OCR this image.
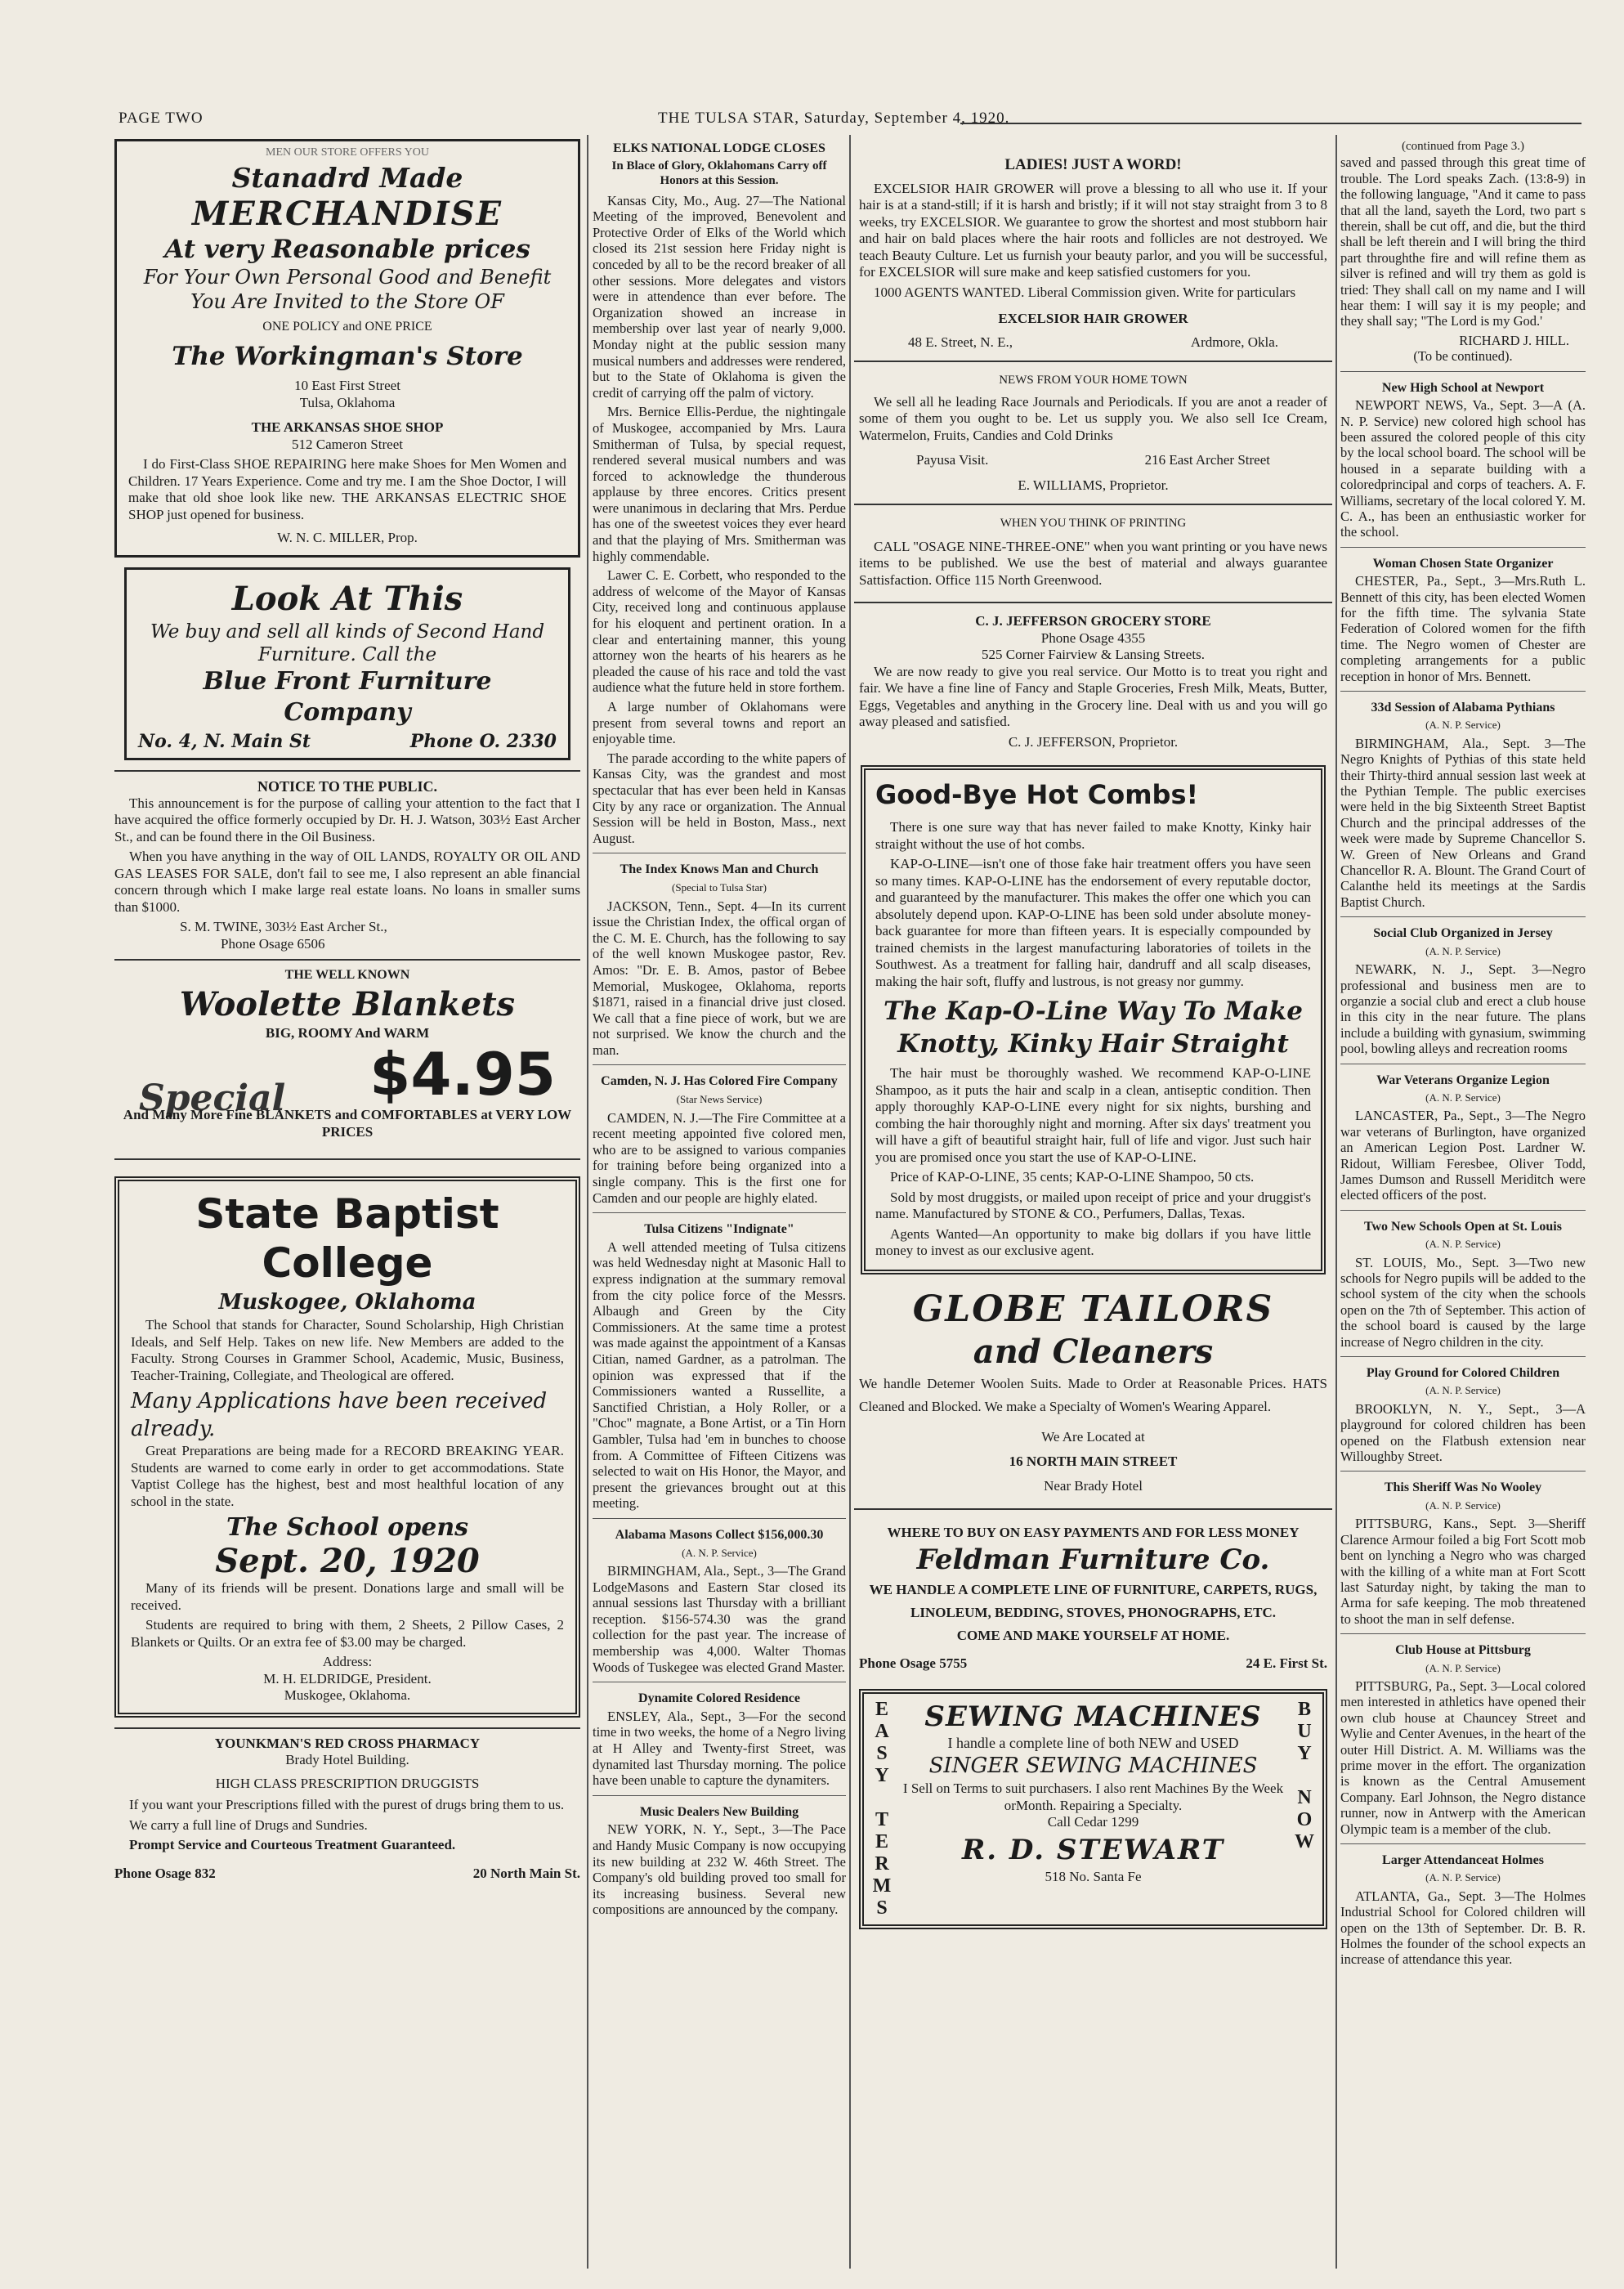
PAGE TWO	THE TULSA STAR, Saturday, September 4, 1920.
MEN OUR STORE OFFERS YOU
Stanadrd Made
MERCHANDISE
At very Reasonable prices
For Your Own Personal Good and Benefit You Are Invited to the Store OF
ONE POLICY and ONE PRICE
The Workingman's Store
10 East First Street
Tulsa, Oklahoma
THE ARKANSAS SHOE SHOP
512 Cameron Street

I do First-Class SHOE REPAIRING here make Shoes for Men Women and Children. 17 Years Experience. Come and try me. I am the Shoe Doctor, I will make that old shoe look like new. THE ARKANSAS ELECTRIC SHOE SHOP just opened for business.

W. N. C. MILLER, Prop.
Look At This
We buy and sell all kinds of Second Hand Furniture. Call the
Blue Front Furniture Company
No. 4, N. Main St	Phone O. 2330
NOTICE TO THE PUBLIC.

This announcement is for the purpose of calling your attention to the fact that I have acquired the office formerly occupied by Dr. H. J. Watson, 303½ East Archer St., and can be found there in the Oil Business.

When you have anything in the way of OIL LANDS, ROYALTY OR OIL AND GAS LEASES FOR SALE, don't fail to see me, I also represent an able financial concern through which I make large real estate loans. No loans in smaller sums than $1000.

S. M. TWINE, 303½ East Archer St.,
Phone Osage 6506
THE WELL KNOWN
Woolette Blankets
BIG, ROOMY And WARM
Special $4.95
And Many More Fine BLANKETS and COMFORTABLES at VERY LOW PRICES
State Baptist
College
Muskogee, Oklahoma

The School that stands for Character, Sound Scholarship, High Christian Ideals, and Self Help. Takes on new life. New Members are added to the Faculty. Strong Courses in Grammer School, Academic, Music, Business, Teacher-Training, Collegiate, and Theological are offered.

Many Applications have been received already.

Great Preparations are being made for a RECORD BREAKING YEAR. Students are warned to come early in order to get accommodations. State Vaptist College has the highest, best and most healthful location of any school in the state.

The School opens
Sept. 20, 1920

Many of its friends will be present. Donations large and small will be received.

Students are required to bring with them, 2 Sheets, 2 Pillow Cases, 2 Blankets or Quilts. Or an extra fee of $3.00 may be charged.

Address:
M. H. ELDRIDGE, President.
Muskogee, Oklahoma.
YOUNKMAN'S RED CROSS PHARMACY
Brady Hotel Building.
HIGH CLASS PRESCRIPTION DRUGGISTS

If you want your Prescriptions filled with the purest of drugs bring them to us.

We carry a full line of Drugs and Sundries.

Prompt Service and Courteous Treatment Guaranteed.

Phone Osage 832	20 North Main St.
ELKS NATIONAL LODGE CLOSES
In Blace of Glory, Oklahomans Carry off Honors at this Session.

Kansas City, Mo., Aug. 27—The National Meeting of the improved, Benevolent and Protective Order of Elks of the World which closed its 21st session here Friday night is conceded by all to be the record breaker of all other sessions. More delegates and vistors were in attendence than ever before. The Organization showed an increase in membership over last year of nearly 9,000. Monday night at the public session many musical numbers and addresses were rendered, but to the State of Oklahoma is given the credit of carrying off the palm of victory.

Mrs. Bernice Ellis-Perdue, the nightingale of Muskogee, accompanied by Mrs. Laura Smitherman of Tulsa, by special request, rendered several musical numbers and was forced to acknowledge the thunderous applause by three encores. Critics present were unanimous in declaring that Mrs. Perdue has one of the sweetest voices they ever heard and that the playing of Mrs. Smitherman was highly commendable.

Lawer C. E. Corbett, who responded to the address of welcome of the Mayor of Kansas City, received long and continuous applause for his eloquent and pertinent oration. In a clear and entertaining manner, this young attorney won the hearts of his hearers as he pleaded the cause of his race and told the vast audience what the future held in store forthem.

A large number of Oklahomans were present from several towns and report an enjoyable time.

The parade according to the white papers of Kansas City, was the grandest and most spectacular that has ever been held in Kansas City by any race or organization. The Annual Session will be held in Boston, Mass., next August.

The Index Knows Man and Church
(Special to Tulsa Star)

JACKSON, Tenn., Sept. 4—In its current issue the Christian Index, the offical organ of the C. M. E. Church, has the following to say of the well known Muskogee pastor, Rev. Amos: "Dr. E. B. Amos, pastor of Bebee Memorial, Muskogee, Oklahoma, reports $1871, raised in a financial drive just closed. We call that a fine piece of work, but we are not surprised. We know the church and the man.

Camden, N. J. Has Colored Fire Company
(Star News Service)

CAMDEN, N. J.—The Fire Committee at a recent meeting appointed five colored men, who are to be assigned to various companies for training before being organized into a single company. This is the first one for Camden and our people are highly elated.

Tulsa Citizens "Indignate"

A well attended meeting of Tulsa citizens was held Wednesday night at Masonic Hall to express indignation at the summary removal from the city police force of the Messrs. Albaugh and Green by the City Commissioners. At the same time a protest was made against the appointment of a Kansas Citian, named Gardner, as a patrolman. The opinion was expressed that if the Commissioners wanted a Russellite, a Sanctified Christian, a Holy Roller, or a "Choc" magnate, a Bone Artist, or a Tin Horn Gambler, Tulsa had 'em in bunches to choose from. A Committee of Fifteen Citizens was selected to wait on His Honor, the Mayor, and present the grievances brought out at this meeting.

Alabama Masons Collect $156,000.30
(A. N. P. Service)

BIRMINGHAM, Ala., Sept., 3—The Grand LodgeMasons and Eastern Star closed its annual sessions last Thursday with a brilliant reception. $156-574.30 was the grand collection for the past year. The increase of membership was 4,000. Walter Thomas Woods of Tuskegee was elected Grand Master.

Dynamite Colored Residence

ENSLEY, Ala., Sept., 3—For the second time in two weeks, the home of a Negro living at H Alley and Twenty-first Street, was dynamited last Thursday morning. The police have been unable to capture the dynamiters.

Music Dealers New Building

NEW YORK, N. Y., Sept., 3—The Pace and Handy Music Company is now occupying its new building at 232 W. 46th Street. The Company's old building proved too small for its increasing business. Several new compositions are announced by the company.

LADIES! JUST A WORD!

EXCELSIOR HAIR GROWER will prove a blessing to all who use it. If your hair is at a stand-still; if it is harsh and bristly; if it will not stay straight from 3 to 8 weeks, try EXCELSIOR. We guarantee to grow the shortest and most stubborn hair and hair on bald places where the hair roots and follicles are not destroyed. We teach Beauty Culture. Let us furnish your beauty parlor, and you will be successful, for EXCELSIOR will sure make and keep satisfied customers for you.

1000 AGENTS WANTED. Liberal Commission given. Write for particulars

EXCELSIOR HAIR GROWER
48 E. Street, N. E.,	Ardmore, Okla.
NEWS FROM YOUR HOME TOWN

We sell all he leading Race Journals and Periodicals. If you are anot a reader of some of them you ought to be. Let us supply you. We also sell Ice Cream, Watermelon, Fruits, Candies and Cold Drinks

Payusa Visit.	216 East Archer Street
E. WILLIAMS, Proprietor.
WHEN YOU THINK OF PRINTING

CALL "OSAGE NINE-THREE-ONE" when you want printing or you have news items to be published. We use the best of material and always guarantee Sattisfaction. Office 115 North Greenwood.

C. J. JEFFERSON GROCERY STORE
Phone Osage 4355
525 Corner Fairview & Lansing Streets.

We are now ready to give you real service. Our Motto is to treat you right and fair. We have a fine line of Fancy and Staple Groceries, Fresh Milk, Meats, Butter, Eggs, Vegetables and anything in the Grocery line. Deal with us and you will go away pleased and satisfied.

C. J. JEFFERSON, Proprietor.
Good-Bye Hot Combs!

There is one sure way that has never failed to make Knotty, Kinky hair straight without the use of hot combs.

KAP-O-LINE—isn't one of those fake hair treatment offers you have seen so many times. KAP-O-LINE has the endorsement of every reputable doctor, and guaranteed by the manufacturer. This makes the offer one which you can absolutely depend upon. KAP-O-LINE has been sold under absolute money-back guarantee for more than fifteen years. It is especially compounded by trained chemists in the largest manufacturing laboratories of toilets in the Southwest. As a treatment for falling hair, dandruff and all scalp diseases, making the hair soft, fluffy and lustrous, is not greasy nor gummy.

The Kap-O-Line Way To Make Knotty, Kinky Hair Straight

The hair must be thoroughly washed. We recommend KAP-O-LINE Shampoo, as it puts the hair and scalp in a clean, antiseptic condition. Then apply thoroughly KAP-O-LINE every night for six nights, burshing and combing the hair thoroughly night and morning. After six days' treatment you will have a gift of beautiful straight hair, full of life and vigor. Just such hair you are promised once you start the use of KAP-O-LINE.

Price of KAP-O-LINE, 35 cents; KAP-O-LINE Shampoo, 50 cts.

Sold by most druggists, or mailed upon receipt of price and your druggist's name. Manufactured by STONE & CO., Perfumers, Dallas, Texas.

Agents Wanted—An opportunity to make big dollars if you have little money to invest as our exclusive agent.

GLOBE TAILORS
and Cleaners

We handle Detemer Woolen Suits. Made to Order at Reasonable Prices. HATS Cleaned and Blocked. We make a Specialty of Women's Wearing Apparel.

We Are Located at
16 NORTH MAIN STREET
Near Brady Hotel
WHERE TO BUY ON EASY PAYMENTS AND FOR LESS MONEY
Feldman Furniture Co.
WE HANDLE A COMPLETE LINE OF FURNITURE, CARPETS, RUGS, LINOLEUM, BEDDING, STOVES, PHONOGRAPHS, ETC.
COME AND MAKE YOURSELF AT HOME.
Phone Osage 5755	24 E. First St.
E
A
S
Y

T
E
R
M
S
SEWING MACHINES
I handle a complete line of both NEW and USED
SINGER SEWING MACHINES
I Sell on Terms to suit purchasers. I also rent Machines By the Week orMonth. Repairing a Specialty.
Call Cedar 1299
R. D. STEWART
518 No. Santa Fe
B
U
Y

N
O
W
(continued from Page 3.)

saved and passed through this great time of trouble. The Lord speaks Zach. (13:8-9) in the following language, "And it came to pass that all the land, sayeth the Lord, two part s therein, shall be cut off, and die, but the third shall be left therein and I will bring the third part throughthe fire and will refine them as silver is refined and will try them as gold is tried: They shall call on my name and I will hear them: I will say it is my people; and they shall say; "The Lord is my God.'

RICHARD J. HILL.
(To be continued).
New High School at Newport

NEWPORT NEWS, Va., Sept. 3—A (A. N. P. Service) new colored high school has been assured the colored people of this city by the local school board. The school will be housed in a separate building with a coloredprincipal and corps of teachers. A. F. Williams, secretary of the local colored Y. M. C. A., has been an enthusiastic worker for the school.

Woman Chosen State Organizer

CHESTER, Pa., Sept., 3—Mrs.Ruth L. Bennett of this city, has been elected Women for the fifth time. The sylvania State Federation of Colored women for the fifth time. The Negro women of Chester are completing arrangements for a public reception in honor of Mrs. Bennett.

33d Session of Alabama Pythians
(A. N. P. Service)

BIRMINGHAM, Ala., Sept. 3—The Negro Knights of Pythias of this state held their Thirty-third annual session last week at the Pythian Temple. The public exercises were held in the big Sixteenth Street Baptist Church and the principal addresses of the week were made by Supreme Chancellor S. W. Green of New Orleans and Grand Chancellor R. A. Blount. The Grand Court of Calanthe held its meetings at the Sardis Baptist Church.

Social Club Organized in Jersey
(A. N. P. Service)

NEWARK, N. J., Sept. 3—Negro professional and business men are to organzie a social club and erect a club house in this city in the near future. The plans include a building with gynasium, swimming pool, bowling alleys and recreation rooms

War Veterans Organize Legion
(A. N. P. Service)

LANCASTER, Pa., Sept., 3—The Negro war veterans of Burlington, have organized an American Legion Post. Lardner W. Ridout, William Feresbee, Oliver Todd, James Dumson and Russell Meriditch were elected officers of the post.

Two New Schools Open at St. Louis
(A. N. P. Service)

ST. LOUIS, Mo., Sept. 3—Two new schools for Negro pupils will be added to the school system of the city when the schools open on the 7th of September. This action of the school board is caused by the large increase of Negro children in the city.

Play Ground for Colored Children
(A. N. P. Service)

BROOKLYN, N. Y., Sept., 3—A playground for colored children has been opened on the Flatbush extension near Willoughby Street.

This Sheriff Was No Wooley
(A. N. P. Service)

PITTSBURG, Kans., Sept. 3—Sheriff Clarence Armour foiled a big Fort Scott mob bent on lynching a Negro who was charged with the killing of a white man at Fort Scott last Saturday night, by taking the man to Arma for safe keeping. The mob threatened to shoot the man in self defense.

Club House at Pittsburg
(A. N. P. Service)

PITTSBURG, Pa., Sept. 3—Local colored men interested in athletics have opened their own club house at Chauncey Street and Wylie and Center Avenues, in the heart of the outer Hill District. A. M. Williams was the prime mover in the effort. The organization is known as the Central Amusement Company. Earl Johnson, the Negro distance runner, now in Antwerp with the American Olympic team is a member of the club.

Larger Attendanceat Holmes
(A. N. P. Service)

ATLANTA, Ga., Sept. 3—The Holmes Industrial School for Colored children will open on the 13th of September. Dr. B. R. Holmes the founder of the school expects an increase of attendance this year.
